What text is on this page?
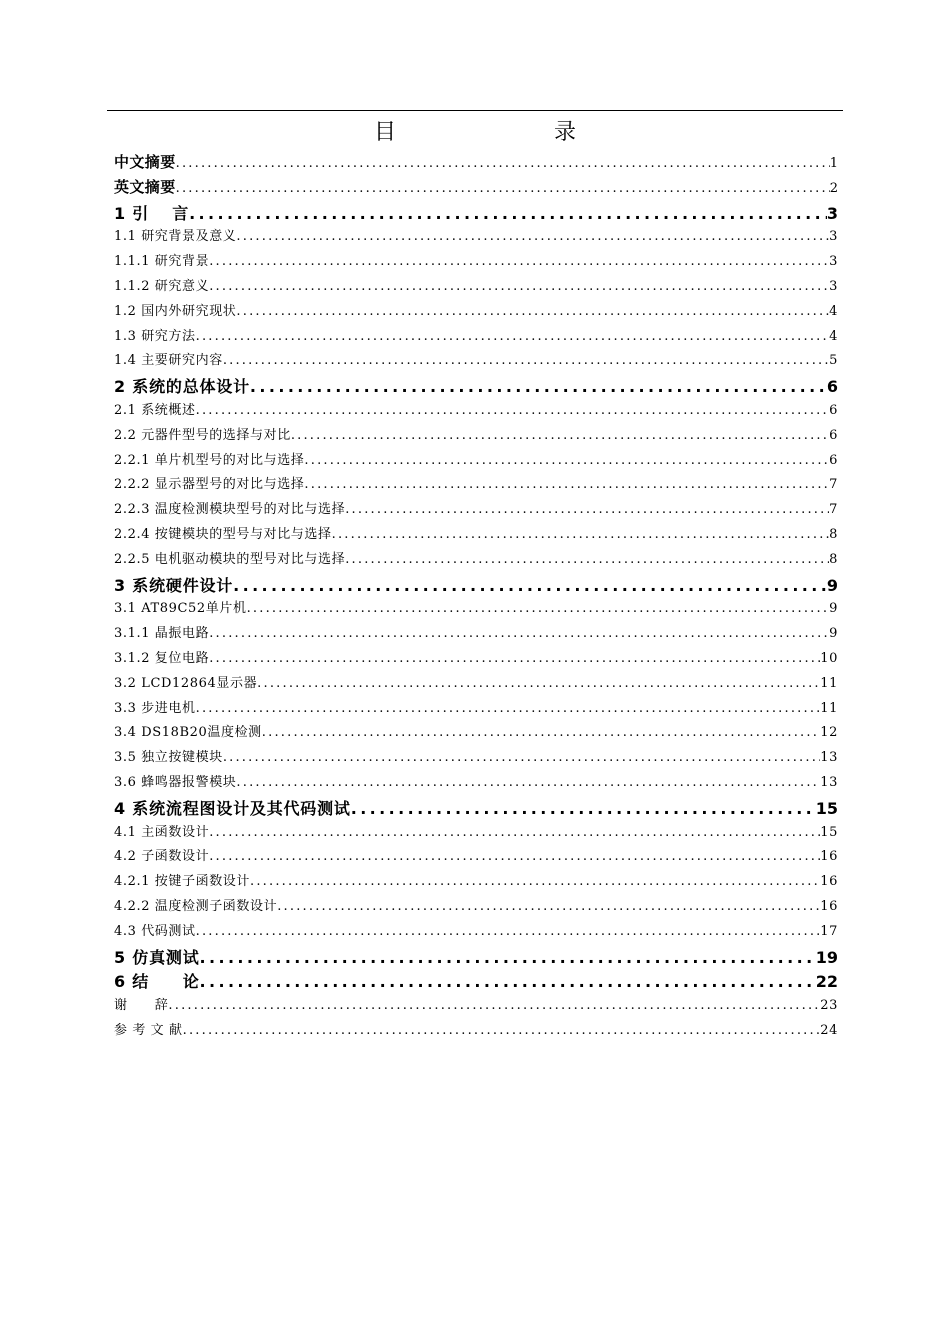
目　　录
中文摘要 .....	1
英文摘要 .....	2
1 引　 言 .....	3
1.1 研究背景及意义 .....	3
1.1.1 研究背景 .....	3
1.1.2 研究意义 .....	3
1.2 国内外研究现状 .....	4
1.3 研究方法 .....	4
1.4 主要研究内容 .....	5
2 系统的总体设计 .....	6
2.1 系统概述 .....	6
2.2 元器件型号的选择与对比 .....	6
2.2.1 单片机型号的对比与选择 .....	6
2.2.2 显示器型号的对比与选择 .....	7
2.2.3 温度检测模块型号的对比与选择 .....	7
2.2.4 按键模块的型号与对比与选择 .....	8
2.2.5 电机驱动模块的型号对比与选择 .....	8
3 系统硬件设计 .....	9
3.1 AT89C52单片机 .....	9
3.1.1 晶振电路 .....	9
3.1.2 复位电路 .....	10
3.2 LCD12864显示器 .....	11
3.3 步进电机 .....	11
3.4 DS18B20温度检测 .....	12
3.5 独立按键模块 .....	13
3.6 蜂鸣器报警模块 .....	13
4 系统流程图设计及其代码测试 .....	15
4.1 主函数设计 .....	15
4.2 子函数设计 .....	16
4.2.1 按键子函数设计 .....	16
4.2.2 温度检测子函数设计 .....	16
4.3 代码测试 .....	17
5 仿真测试 .....	19
6 结　　论 .....	22
谢　　辞 .....	23
参 考 文 献 .....	24
